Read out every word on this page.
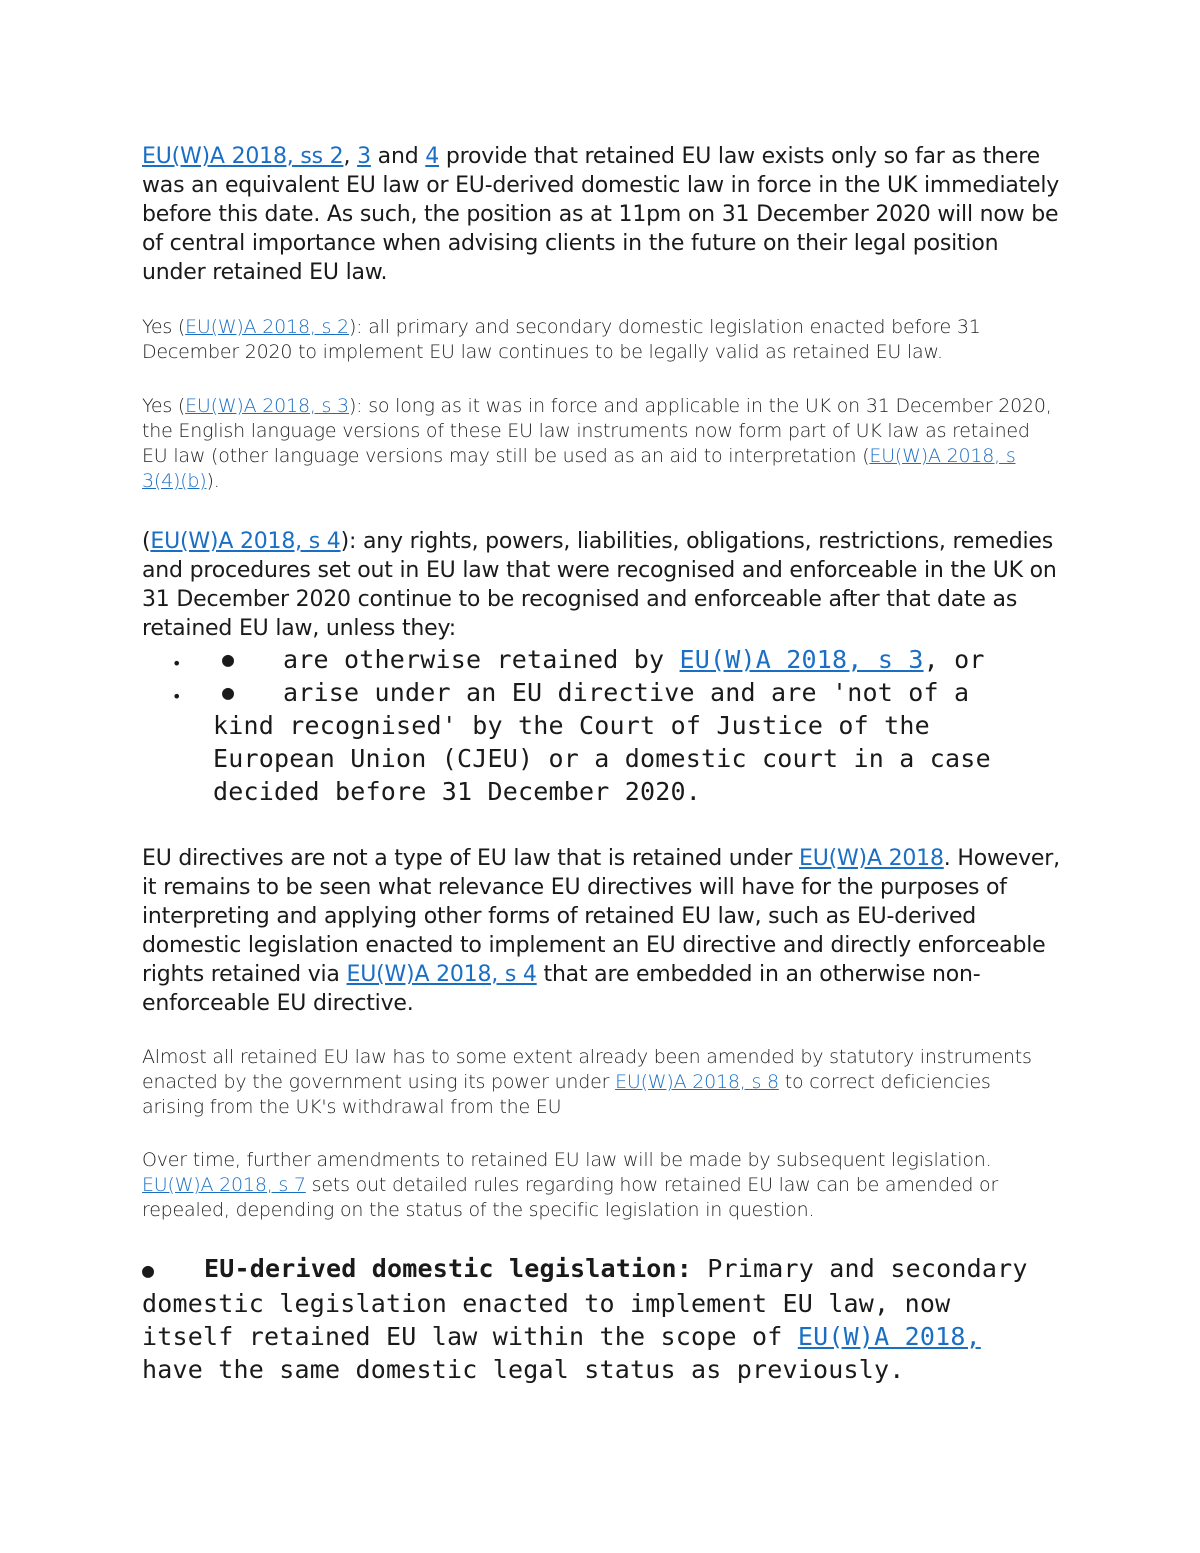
EU(W)A 2018, ss 2, 3 and 4 provide that retained EU law exists only so far as there was an equivalent EU law or EU-derived domestic law in force in the UK immediately before this date. As such, the position as at 11pm on 31 December 2020 will now be of central importance when advising clients in the future on their legal position under retained EU law.

Yes (EU(W)A 2018, s 2): all primary and secondary domestic legislation enacted before 31 December 2020 to implement EU law continues to be legally valid as retained EU law.

Yes (EU(W)A 2018, s 3): so long as it was in force and applicable in the UK on 31 December 2020, the English language versions of these EU law instruments now form part of UK law as retained EU law (other language versions may still be used as an aid to interpretation (EU(W)A 2018, s 3(4)(b)).

(EU(W)A 2018, s 4): any rights, powers, liabilities, obligations, restrictions, remedies and procedures set out in EU law that were recognised and enforceable in the UK on 31 December 2020 continue to be recognised and enforceable after that date as retained EU law, unless they:

• ● are otherwise retained by EU(W)A 2018, s 3, or
• ●	arise under an EU directive and are 'not of a kind recognised' by the Court of Justice of the European Union (CJEU) or a domestic court in a case decided before 31 December 2020.

EU directives are not a type of EU law that is retained under EU(W)A 2018. However, it remains to be seen what relevance EU directives will have for the purposes of interpreting and applying other forms of retained EU law, such as EU-derived domestic legislation enacted to implement an EU directive and directly enforceable rights retained via EU(W)A 2018, s 4 that are embedded in an otherwise non-enforceable EU directive.

Almost all retained EU law has to some extent already been amended by statutory instruments enacted by the government using its power under EU(W)A 2018, s 8 to correct deficiencies arising from the UK's withdrawal from the EU

Over time, further amendments to retained EU law will be made by subsequent legislation. EU(W)A 2018, s 7 sets out detailed rules regarding how retained EU law can be amended or repealed, depending on the status of the specific legislation in question.

● EU-derived domestic legislation: Primary and secondary domestic legislation enacted to implement EU law, now itself retained EU law within the scope of EU(W)A 2018, have the same domestic legal status as previously.
